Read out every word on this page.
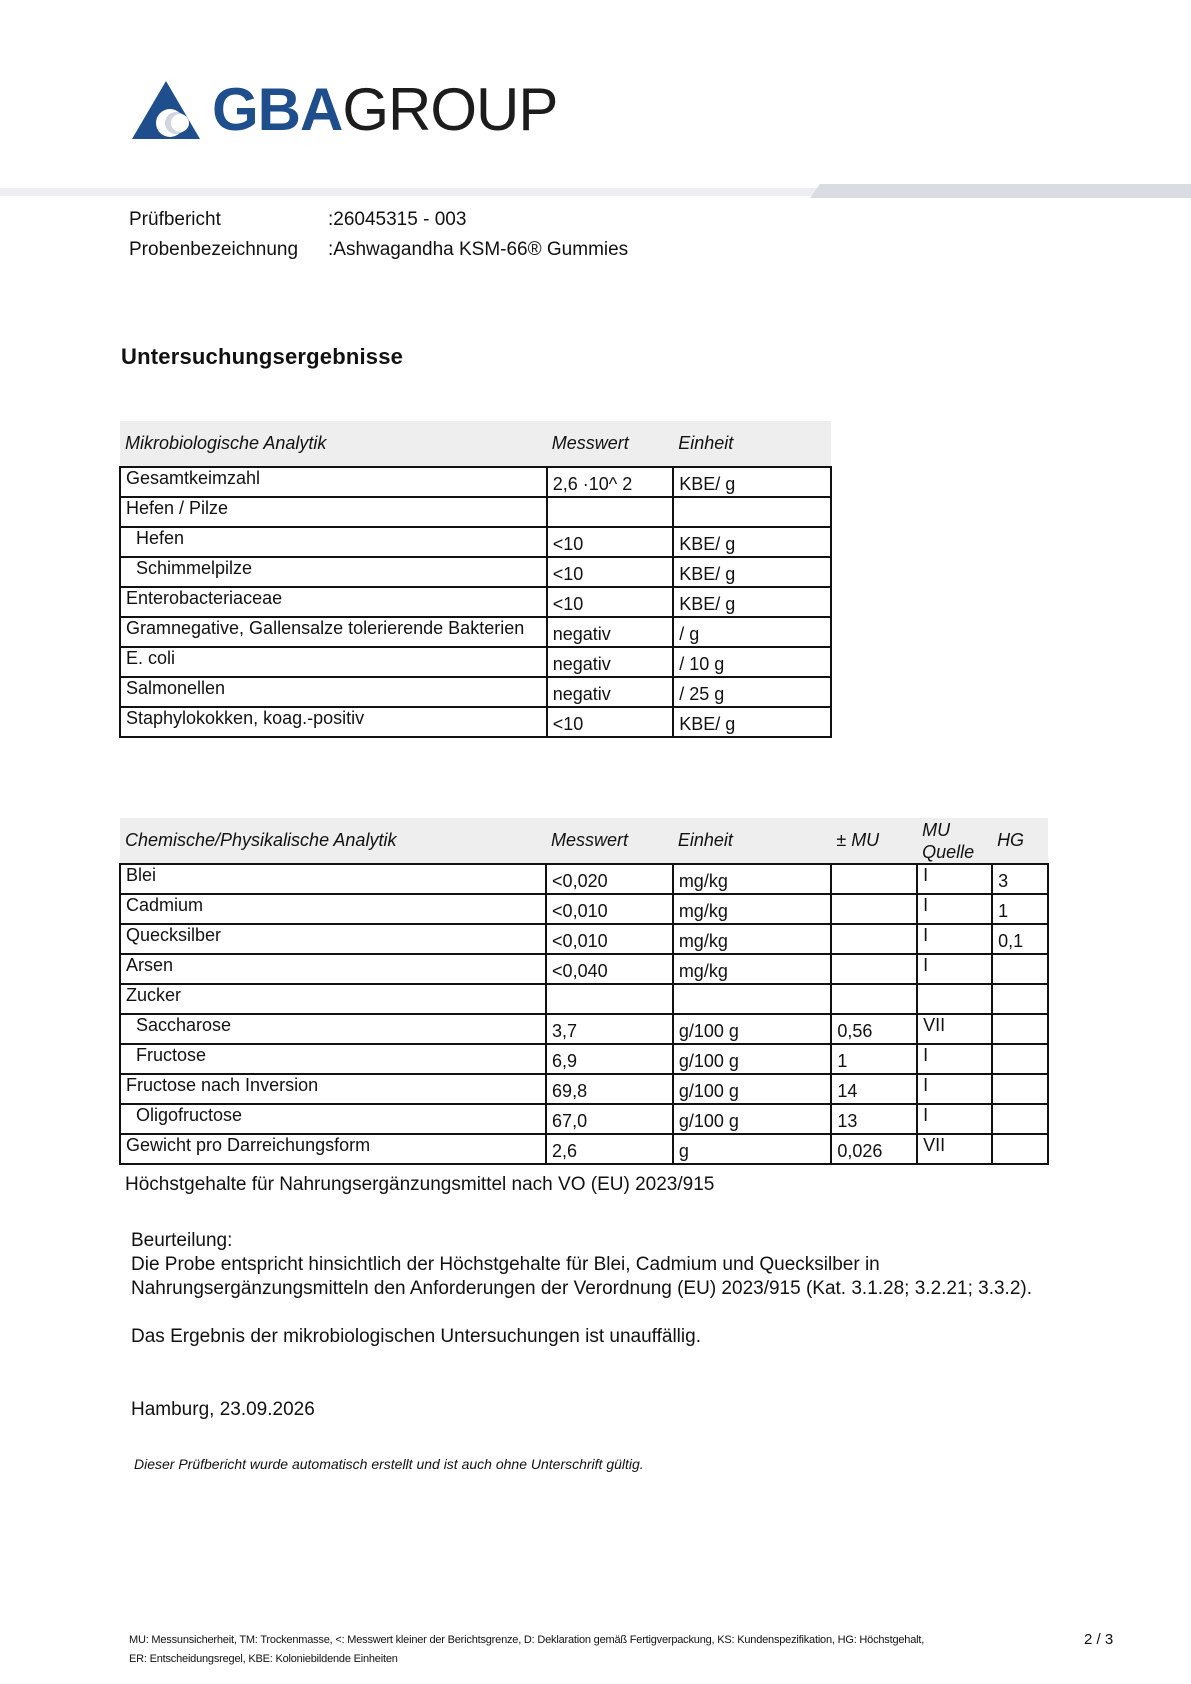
GBAGROUP
Prüfbericht	:26045315 - 003
Probenbezeichnung :Ashwagandha KSM-66® Gummies
Untersuchungsergebnisse
Mikrobiologische Analytik	Messwert	Einheit
Gesamtkeimzahl	2,6 ·10^ 2	KBE/ g
Hefen / Pilze		
Hefen	<10	KBE/ g
Schimmelpilze	<10	KBE/ g
Enterobacteriaceae	<10	KBE/ g
Gramnegative, Gallensalze tolerierende Bakterien	negativ	/ g
E. coli	negativ	/ 10 g
Salmonellen	negativ	/ 25 g
Staphylokokken, koag.-positiv	<10	KBE/ g
Chemische/Physikalische Analytik	Messwert	Einheit	± MU	MU Quelle	HG
Blei	<0,020	mg/kg		I	3
Cadmium	<0,010	mg/kg		I	1
Quecksilber	<0,010	mg/kg		I	0,1
Arsen	<0,040	mg/kg		I	
Zucker					
Saccharose	3,7	g/100 g	0,56	VII	
Fructose	6,9	g/100 g	1	I	
Fructose nach Inversion	69,8	g/100 g	14	I	
Oligofructose	67,0	g/100 g	13	I	
Gewicht pro Darreichungsform	2,6	g	0,026	VII	
Höchstgehalte für Nahrungsergänzungsmittel nach VO (EU) 2023/915
Beurteilung:
Die Probe entspricht hinsichtlich der Höchstgehalte für Blei, Cadmium und Quecksilber in
Nahrungsergänzungsmitteln den Anforderungen der Verordnung (EU) 2023/915 (Kat. 3.1.28; 3.2.21; 3.3.2).
Das Ergebnis der mikrobiologischen Untersuchungen ist unauffällig.
Hamburg, 23.09.2026
Dieser Prüfbericht wurde automatisch erstellt und ist auch ohne Unterschrift gültig.
MU: Messunsicherheit, TM: Trockenmasse, <: Messwert kleiner der Berichtsgrenze, D: Deklaration gemäß Fertigverpackung, KS: Kundenspezifikation, HG: Höchstgehalt,
ER: Entscheidungsregel, KBE: Koloniebildende Einheiten
2 / 3
